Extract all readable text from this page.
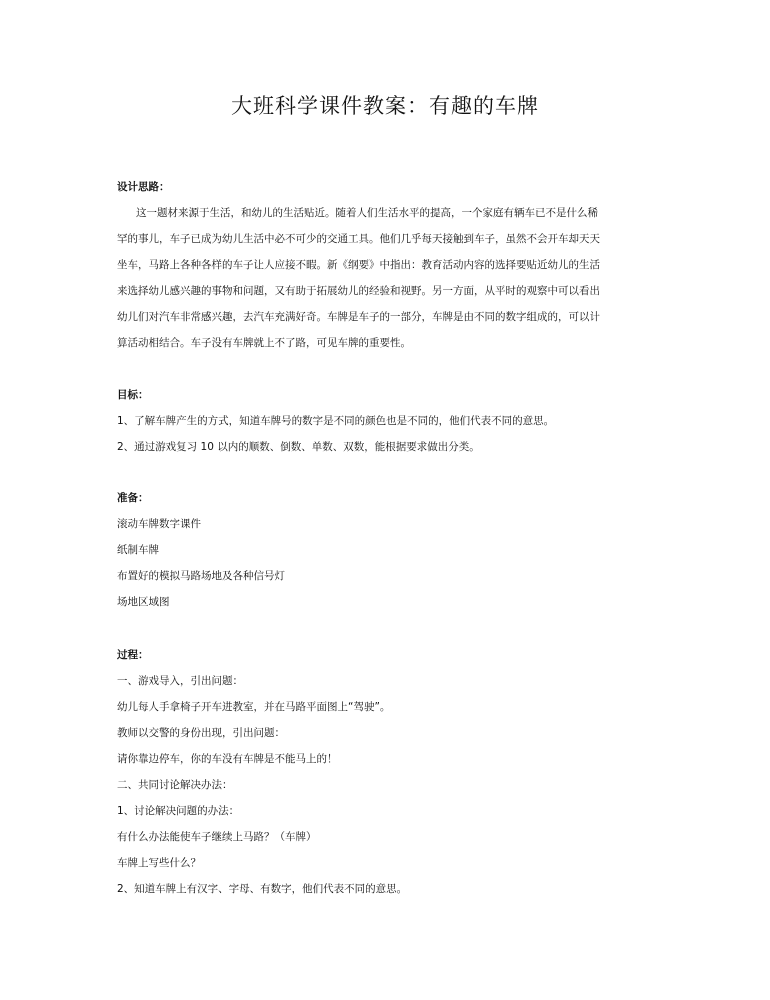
大班科学课件教案：有趣的车牌
设计思路：
这一题材来源于生活，和幼儿的生活贴近。随着人们生活水平的提高，一个家庭有辆车已不是什么稀
罕的事儿，车子已成为幼儿生活中必不可少的交通工具。他们几乎每天接触到车子，虽然不会开车却天天
坐车，马路上各种各样的车子让人应接不暇。新《纲要》中指出：教育活动内容的选择要贴近幼儿的生活
来选择幼儿感兴趣的事物和问题，又有助于拓展幼儿的经验和视野。另一方面，从平时的观察中可以看出
幼儿们对汽车非常感兴趣，去汽车充满好奇。车牌是车子的一部分，车牌是由不同的数字组成的，可以计
算活动相结合。车子没有车牌就上不了路，可见车牌的重要性。
目标：
1、了解车牌产生的方式，知道车牌号的数字是不同的颜色也是不同的，他们代表不同的意思。
2、通过游戏复习 10 以内的顺数、倒数、单数、双数，能根据要求做出分类。
准备：
滚动车牌数字课件
纸制车牌
布置好的模拟马路场地及各种信号灯
场地区域图
过程：
一、游戏导入，引出问题：
幼儿每人手拿椅子开车进教室，并在马路平面图上“驾驶”。
教师以交警的身份出现，引出问题：
请你靠边停车，你的车没有车牌是不能马上的！
二、共同讨论解决办法：
1、讨论解决问题的办法：
有什么办法能使车子继续上马路？（车牌）
车牌上写些什么？
2、知道车牌上有汉字、字母、有数字，他们代表不同的意思。
